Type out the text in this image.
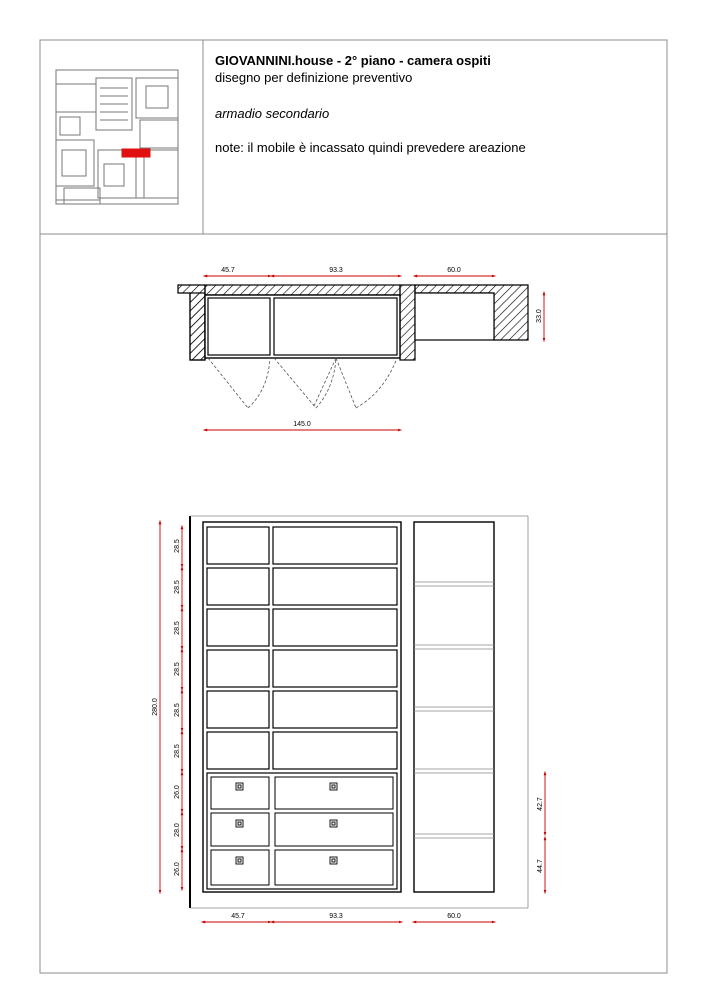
45.7	93.3	60.0
33.0
145.0
280.0
28.5
28.5
28.5
28.5
28.5
28.5
26.0
28.0
26.0
42.7
44.7
45.7	93.3	60.0
GIOVANNINI.house - 2° piano - camera ospiti
disegno per definizione preventivo
armadio secondario
note: il mobile è incassato quindi prevedere areazione
